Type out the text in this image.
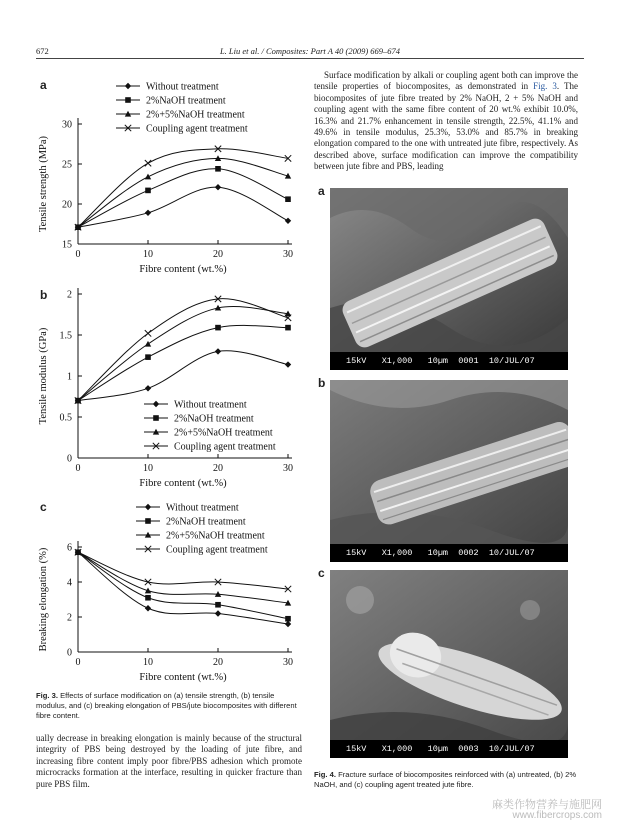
672	L. Liu et al. / Composites: Part A 40 (2009) 669–674
Surface modification by alkali or coupling agent both can improve the tensile properties of biocomposites, as demonstrated in Fig. 3. The biocomposites of jute fibre treated by 2% NaOH, 2 + 5% NaOH and coupling agent with the same fibre content of 20 wt.% exhibit 10.0%, 16.3% and 21.7% enhancement in tensile strength, 22.5%, 41.1% and 49.6% in tensile modulus, 25.3%, 53.0% and 85.7% in breaking elongation compared to the one with untreated jute fibre, respectively. As described above, surface modification can improve the compatibility between jute fibre and PBS, leading
a
b
c
15
20
25
30
0	10	20	30
Fibre content (wt.%)
Tensile strength (MPa)
Without treatment
2%NaOH treatment
2%+5%NaOH treatment
Coupling agent treatment
0
0.5
1
1.5
2
0	10	20	30
Fibre content (wt.%)
Tensile modulus (GPa)	Without treatment
2%NaOH treatment
2%+5%NaOH treatment
Coupling agent treatment
0
2
4
6
0	10	20	30
Fibre content (wt.%)
Breaking elongation (%)
Without treatment
2%NaOH treatment
2%+5%NaOH treatment
Coupling agent treatment
Fig. 3. Effects of surface modification on (a) tensile strength, (b) tensile modulus, and (c) breaking elongation of PBS/jute biocomposites with different fibre content.
ually decrease in breaking elongation is mainly because of the structural integrity of PBS being destroyed by the loading of jute fibre, and increasing fibre content imply poor fibre/PBS adhesion which promote microcracks formation at the interface, resulting in quicker fracture than pure PBS film.
a
15kV   X1,000   10µm  0001  10/JUL/07
b
15kV   X1,000   10µm  0002  10/JUL/07
c
15kV   X1,000   10µm  0003  10/JUL/07
Fig. 4. Fracture surface of biocomposites reinforced with (a) untreated, (b) 2% NaOH, and (c) coupling agent treated jute fibre.
麻类作物营养与施肥网
www.fibercrops.com
